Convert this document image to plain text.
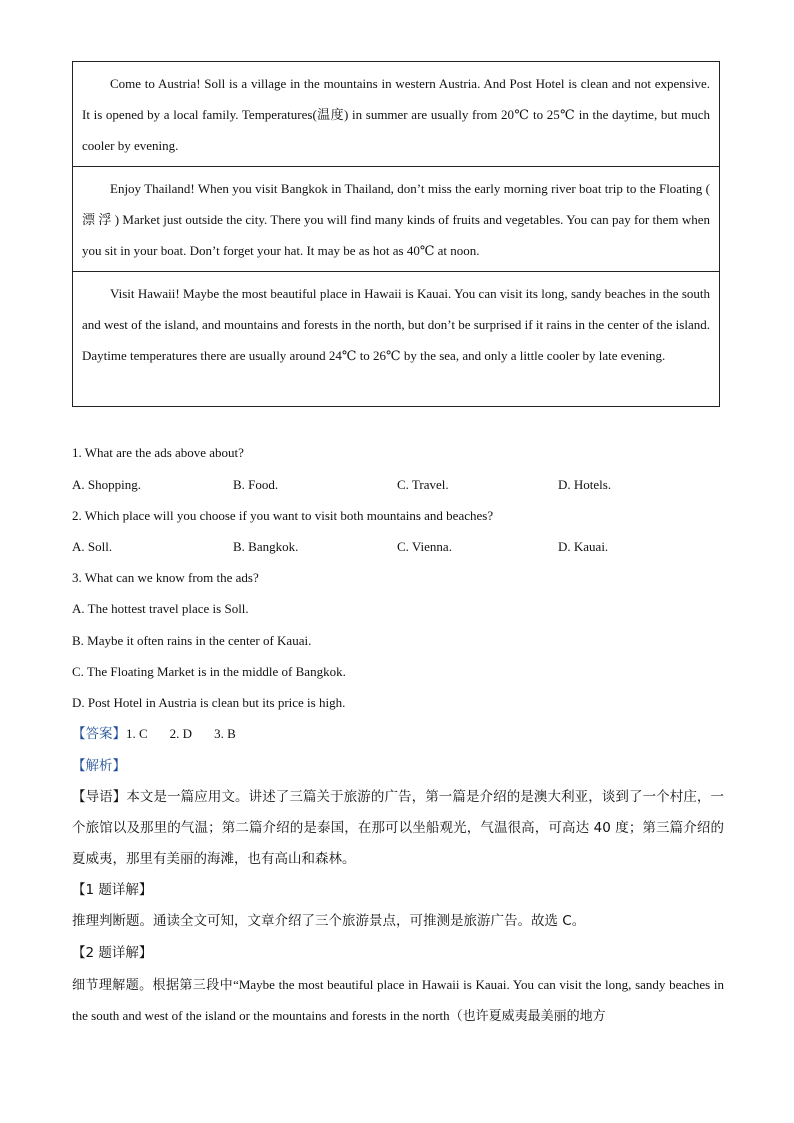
Come to Austria! Soll is a village in the mountains in western Austria. And Post Hotel is clean and not expensive. It is opened by a local family. Temperatures(温度) in summer are usually from 20℃ to 25℃ in the daytime, but much cooler by evening.
Enjoy Thailand! When you visit Bangkok in Thailand, don’t miss the early morning river boat trip to the Floating ( 漂 浮 ) Market just outside the city. There you will find many kinds of fruits and vegetables. You can pay for them when you sit in your boat. Don’t forget your hat. It may be as hot as 40℃ at noon.
Visit Hawaii! Maybe the most beautiful place in Hawaii is Kauai. You can visit its long, sandy beaches in the south and west of the island, and mountains and forests in the north, but don’t be surprised if it rains in the center of the island. Daytime temperatures there are usually around 24℃ to 26℃ by the sea, and only a little cooler by late evening.
1. What are the ads above about?
A. Shopping.	B. Food.	C. Travel.	D. Hotels.
2. Which place will you choose if you want to visit both mountains and beaches?
A. Soll.	B. Bangkok.	C. Vienna.	D. Kauai.
3. What can we know from the ads?
A. The hottest travel place is Soll.
B. Maybe it often rains in the center of Kauai.
C. The Floating Market is in the middle of Bangkok.
D. Post Hotel in Austria is clean but its price is high.
【答案】1. C 2. D 3. B
【解析】
【导语】本文是一篇应用文。讲述了三篇关于旅游的广告，第一篇是介绍的是澳大利亚，谈到了一个村庄，一个旅馆以及那里的气温；第二篇介绍的是泰国，在那可以坐船观光，气温很高，可高达 40 度；第三篇介绍的夏威夷，那里有美丽的海滩，也有高山和森林。
【1 题详解】
推理判断题。通读全文可知，文章介绍了三个旅游景点，可推测是旅游广告。故选 C。
【2 题详解】
细节理解题。根据第三段中“Maybe the most beautiful place in Hawaii is Kauai. You can visit the long, sandy beaches in the south and west of the island or the mountains and forests in the north（也许夏威夷最美丽的地方
